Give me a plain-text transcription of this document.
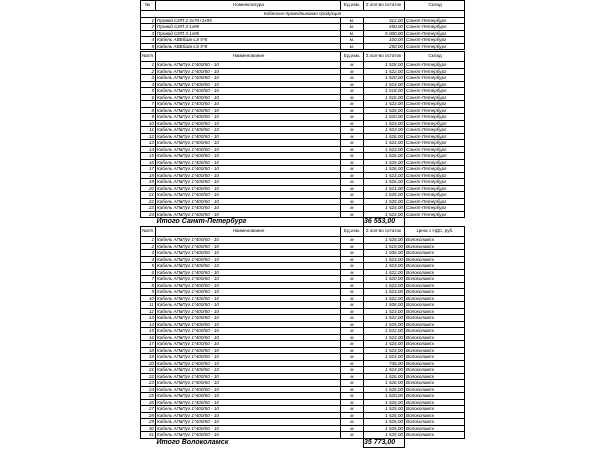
№	Номенклатура	Ед.изм.	Σ кол-во остаток	Склад
Кабельно-проводниковая продукция				
1	Провод СИП 2 3х70+1х95	м.	312,00	Санкт-Петербург
2	Провод СИП 3 1х95	м.	450,00	Санкт-Петербург
3	Провод СИП 3 1х95	м.	5 000,00	Санкт-Петербург
4	Кабель АВБбШв-LS 5*8	м.	100,00	Санкт-Петербург
5	Кабель АВБбШв-LS 5*8	м.	250,00	Санкт-Петербург
№п/п	Наименование	Ед.изм.	Σ кол-во остаток	Склад
1	Кабель АПвПуг 1*400/50 - 10	м	1 528,00	Санкт-Петербург
2	Кабель АПвПуг 1*400/50 - 10	м	1 522,00	Санкт-Петербург
3	Кабель АПвПуг 1*400/50 - 10	м	1 520,00	Санкт-Петербург
4	Кабель АПвПуг 1*400/50 - 10	м	1 524,00	Санкт-Петербург
5	Кабель АПвПуг 1*400/50 - 10	м	1 518,00	Санкт-Петербург
6	Кабель АПвПуг 1*400/50 - 10	м	1 516,00	Санкт-Петербург
7	Кабель АПвПуг 1*400/50 - 10	м	1 523,00	Санкт-Петербург
8	Кабель АПвПуг 1*400/50 - 10	м	1 526,00	Санкт-Петербург
9	Кабель АПвПуг 1*400/50 - 10	м	1 520,00	Санкт-Петербург
10	Кабель АПвПуг 1*400/50 - 10	м	1 524,00	Санкт-Петербург
11	Кабель АПвПуг 1*400/50 - 10	м	1 523,00	Санкт-Петербург
12	Кабель АПвПуг 1*400/50 - 10	м	1 526,00	Санкт-Петербург
13	Кабель АПвПуг 1*400/50 - 10	м	1 524,00	Санкт-Петербург
14	Кабель АПвПуг 1*400/50 - 10	м	1 523,00	Санкт-Петербург
15	Кабель АПвПуг 1*400/50 - 10	м	1 526,00	Санкт-Петербург
16	Кабель АПвПуг 1*400/50 - 10	м	1 525,00	Санкт-Петербург
17	Кабель АПвПуг 1*400/50 - 10	м	1 526,00	Санкт-Петербург
18	Кабель АПвПуг 1*400/50 - 10	м	1 523,00	Санкт-Петербург
19	Кабель АПвПуг 1*400/50 - 10	м	1 526,00	Санкт-Петербург
20	Кабель АПвПуг 1*400/50 - 10	м	1 521,00	Санкт-Петербург
21	Кабель АПвПуг 1*400/50 - 10	м	1 525,00	Санкт-Петербург
22	Кабель АПвПуг 1*400/50 - 10	м	1 525,00	Санкт-Петербург
23	Кабель АПвПуг 1*400/50 - 10	м	1 524,00	Санкт-Петербург
24	Кабель АПвПуг 1*400/50 - 10	м	1 524,00	Санкт-Петербург
	Итого Санкт-Петербург		36 553,00	
№п/п	Наименование	Ед.изм.	Σ кол-во остаток	Цена с НДС, руб.
1	Кабель АПвПуг 1*400/50 - 10	м	1 526,00	Волоколамск
2	Кабель АПвПуг 1*400/50 - 10	м	1 519,00	Волоколамск
3	Кабель АПвПуг 1*400/50 - 10	м	1 506,00	Волоколамск
4	Кабель АПвПуг 1*400/50 - 10	м	1 523,00	Волоколамск
5	Кабель АПвПуг 1*400/50 - 10	м	1 523,00	Волоколамск
6	Кабель АПвПуг 1*400/50 - 10	м	1 522,00	Волоколамск
7	Кабель АПвПуг 1*400/50 - 10	м	1 520,00	Волоколамск
8	Кабель АПвПуг 1*400/50 - 10	м	1 523,00	Волоколамск
9	Кабель АПвПуг 1*400/50 - 10	м	1 523,00	Волоколамск
10	Кабель АПвПуг 1*400/50 - 10	м	1 522,00	Волоколамск
11	Кабель АПвПуг 1*400/50 - 10	м	1 506,00	Волоколамск
12	Кабель АПвПуг 1*400/50 - 10	м	1 523,00	Волоколамск
13	Кабель АПвПуг 1*400/50 - 10	м	1 522,00	Волоколамск
14	Кабель АПвПуг 1*400/50 - 10	м	1 525,00	Волоколамск
15	Кабель АПвПуг 1*400/50 - 10	м	1 522,00	Волоколамск
16	Кабель АПвПуг 1*400/50 - 10	м	1 524,00	Волоколамск
17	Кабель АПвПуг 1*400/50 - 10	м	1 524,00	Волоколамск
18	Кабель АПвПуг 1*400/50 - 10	м	1 524,00	Волоколамск
19	Кабель АПвПуг 1*400/50 - 10	м	1 524,00	Волоколамск
20	Кабель АПвПуг 1*400/50 - 10	м	736,00	Волоколамск
21	Кабель АПвПуг 1*400/50 - 10	м	1 524,00	Волоколамск
22	Кабель АПвПуг 1*400/50 - 10	м	1 526,00	Волоколамск
23	Кабель АПвПуг 1*400/50 - 10	м	1 526,00	Волоколамск
24	Кабель АПвПуг 1*400/50 - 10	м	1 526,00	Волоколамск
25	Кабель АПвПуг 1*400/50 - 10	м	1 520,00	Волоколамск
26	Кабель АПвПуг 1*400/50 - 10	м	1 526,00	Волоколамск
27	Кабель АПвПуг 1*400/50 - 10	м	1 525,00	Волоколамск
28	Кабель АПвПуг 1*400/50 - 10	м	1 526,00	Волоколамск
29	Кабель АПвПуг 1*400/50 - 10	м	1 525,00	Волоколамск
30	Кабель АПвПуг 1*400/50 - 10	м	1 526,00	Волоколамск
31	Кабель АПвПуг 1*400/50 - 10	м	1 525,00	Волоколамск
	Итого Волоколамск		35 773,00	
